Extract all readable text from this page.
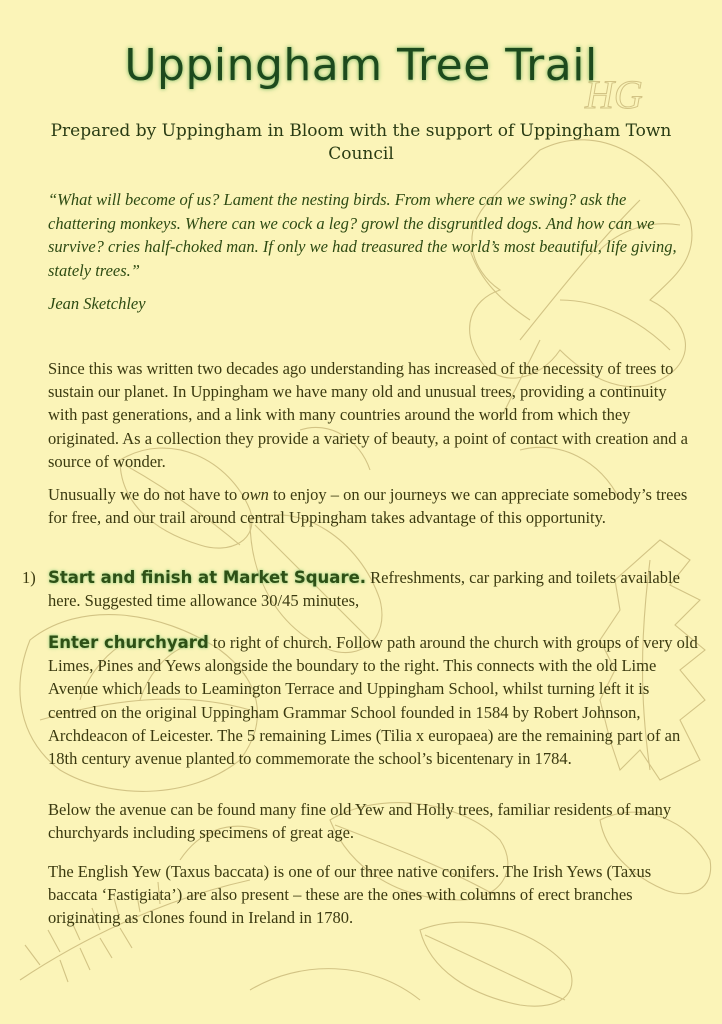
HG
Uppingham Tree Trail
Prepared by Uppingham in Bloom with the support of Uppingham Town Council
“What will become of us? Lament the nesting birds. From where can we swing? ask the chattering monkeys. Where can we cock a leg? growl the disgruntled dogs. And how can we survive? cries half-choked man. If only we had treasured the world’s most beautiful, life giving, stately trees.”
Jean Sketchley
Since this was written two decades ago understanding has increased of the necessity of trees to sustain our planet. In Uppingham we have many old and unusual trees, providing a continuity with past generations, and a link with many countries around the world from which they originated. As a collection they provide a variety of beauty, a point of contact with creation and a source of wonder.
Unusually we do not have to own to enjoy – on our journeys we can appreciate somebody’s trees for free, and our trail around central Uppingham takes advantage of this opportunity.
1) Start and finish at Market Square. Refreshments, car parking and toilets available here. Suggested time allowance 30/45 minutes,
Enter churchyard to right of church. Follow path around the church with groups of very old Limes, Pines and Yews alongside the boundary to the right. This connects with the old Lime Avenue which leads to Leamington Terrace and Uppingham School, whilst turning left it is centred on the original Uppingham Grammar School founded in 1584 by Robert Johnson, Archdeacon of Leicester. The 5 remaining Limes (Tilia x europaea) are the remaining part of an 18th century avenue planted to commemorate the school’s bicentenary in 1784.
Below the avenue can be found many fine old Yew and Holly trees, familiar residents of many churchyards including specimens of great age.
The English Yew (Taxus baccata) is one of our three native conifers. The Irish Yews (Taxus baccata ‘Fastigiata’) are also present – these are the ones with columns of erect branches originating as clones found in Ireland in 1780.
